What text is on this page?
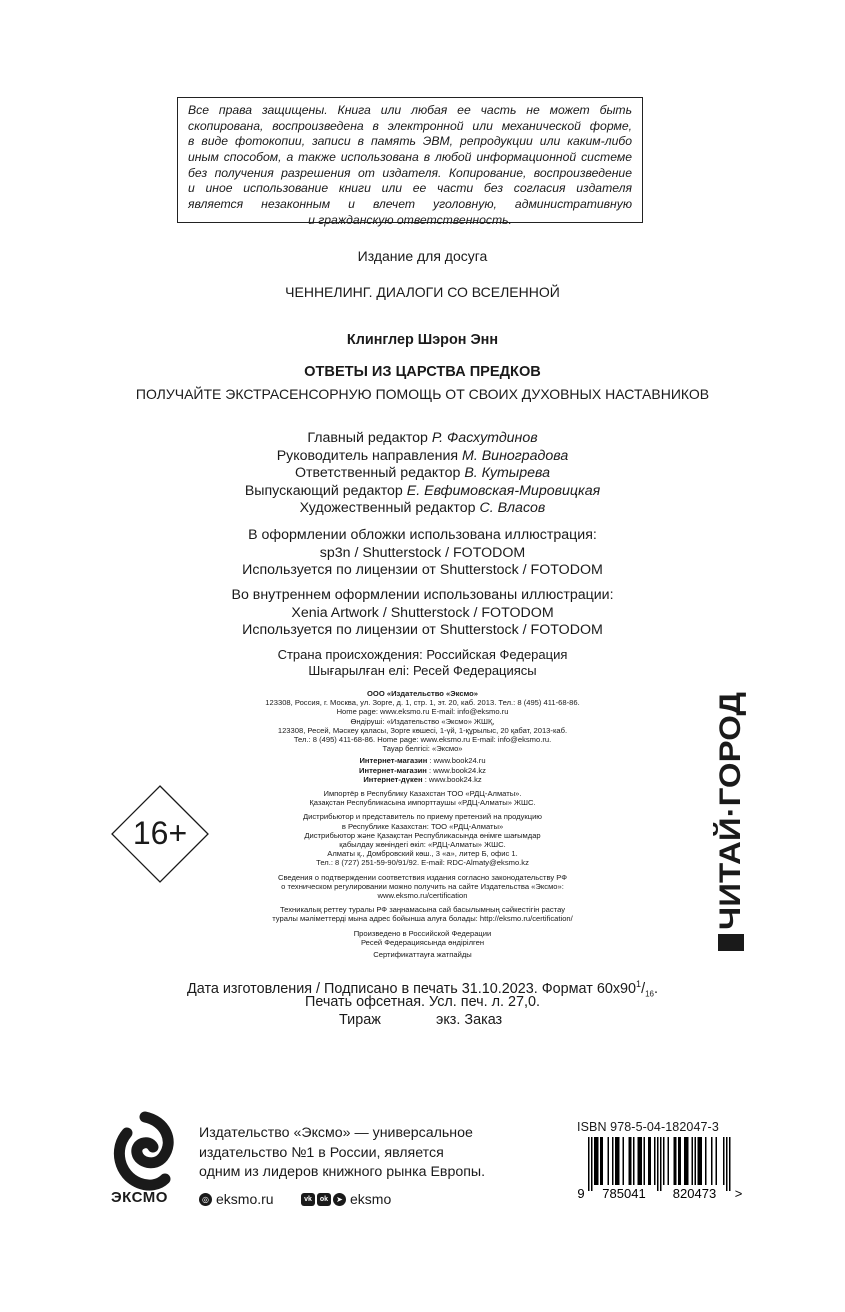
Все права защищены. Книга или любая ее часть не может быть
скопирована, воспроизведена в электронной или механической форме,
в виде фотокопии, записи в память ЭВМ, репродукции или каким-либо
иным способом, а также использована в любой информационной системе
без получения разрешения от издателя. Копирование, воспроизведение
и иное использование книги или ее части без согласия издателя
является незаконным и влечет уголовную, административную
и гражданскую ответственность.
Издание для досуга
ЧЕННЕЛИНГ. ДИАЛОГИ СО ВСЕЛЕННОЙ
Клинглер Шэрон Энн
ОТВЕТЫ ИЗ ЦАРСТВА ПРЕДКОВ
ПОЛУЧАЙТЕ ЭКСТРАСЕНСОРНУЮ ПОМОЩЬ ОТ СВОИХ ДУХОВНЫХ НАСТАВНИКОВ
Главный редактор Р. Фасхутдинов
Руководитель направления М. Виноградова
Ответственный редактор В. Кутырева
Выпускающий редактор Е. Евфимовская-Мировицкая
Художественный редактор С. Власов
В оформлении обложки использована иллюстрация:
sp3n / Shutterstock / FOTODOM
Используется по лицензии от Shutterstock / FOTODOM
Во внутреннем оформлении использованы иллюстрации:
Xenia Artwork / Shutterstock / FOTODOM
Используется по лицензии от Shutterstock / FOTODOM
Страна происхождения: Российская Федерация
Шығарылған елі: Ресей Федерациясы
ООО «Издательство «Эксмо»
123308, Россия, г. Москва, ул. Зорге, д. 1, стр. 1, эт. 20, каб. 2013. Тел.: 8 (495) 411-68-86.
Home page: www.eksmo.ru E-mail: info@eksmo.ru
Өндіруші: «Издательство «Эксмо» ЖШҚ,
123308, Ресей, Мәскеу қаласы, Зорге көшесі, 1-үй, 1-құрылыс, 20 қабат, 2013-каб.
Тел.: 8 (495) 411-68-86. Home page: www.eksmo.ru E-mail: info@eksmo.ru.
Тауар белгісі: «Эксмо»
Интернет-магазин : www.book24.ru
Интернет-магазин : www.book24.kz
Интернет-дүкен : www.book24.kz
Импортёр в Республику Казахстан ТОО «РДЦ-Алматы».
Қазақстан Республикасына импорттаушы «РДЦ-Алматы» ЖШС.
Дистрибьютор и представитель по приему претензий на продукцию
в Республике Казахстан: ТОО «РДЦ-Алматы»
Дистрибьютор және Қазақстан Республикасында өнімге шағымдар
қабылдау жөніндегі өкіл: «РДЦ-Алматы» ЖШС.
Алматы қ., Домбровский көш., 3 «а», литер Б, офис 1.
Тел.: 8 (727) 251-59-90/91/92. E-mail: RDC-Almaty@eksmo.kz
Сведения о подтверждении соответствия издания согласно законодательству РФ
о техническом регулировании можно получить на сайте Издательства «Эксмо»:
www.eksmo.ru/certification
Техникалық реттеу туралы РФ заңнамасына сай басылымның сәйкестігін растау
туралы мәліметтерді мына адрес бойынша алуға болады: http://eksmo.ru/certification/
Произведено в Российской Федерации
Ресей Федерациясында өндірілген
Сертификаттауға жатпайды
16+	ЧИТАЙ·ГОРОД
Дата изготовления / Подписано в печать 31.10.2023. Формат $60х90^1/_{16}$.
Печать офсетная. Усл. печ. л. 27,0.
Тираж	экз. Заказ
ЭКСМО
Издательство «Эксмо» — универсальное
издательство №1 в России, является
одним из лидеров книжного рынка Европы.
◎ eksmo.ru	vk	ok	➤ eksmo
ISBN 978-5-04-182047-3
9 785041 820473 >
